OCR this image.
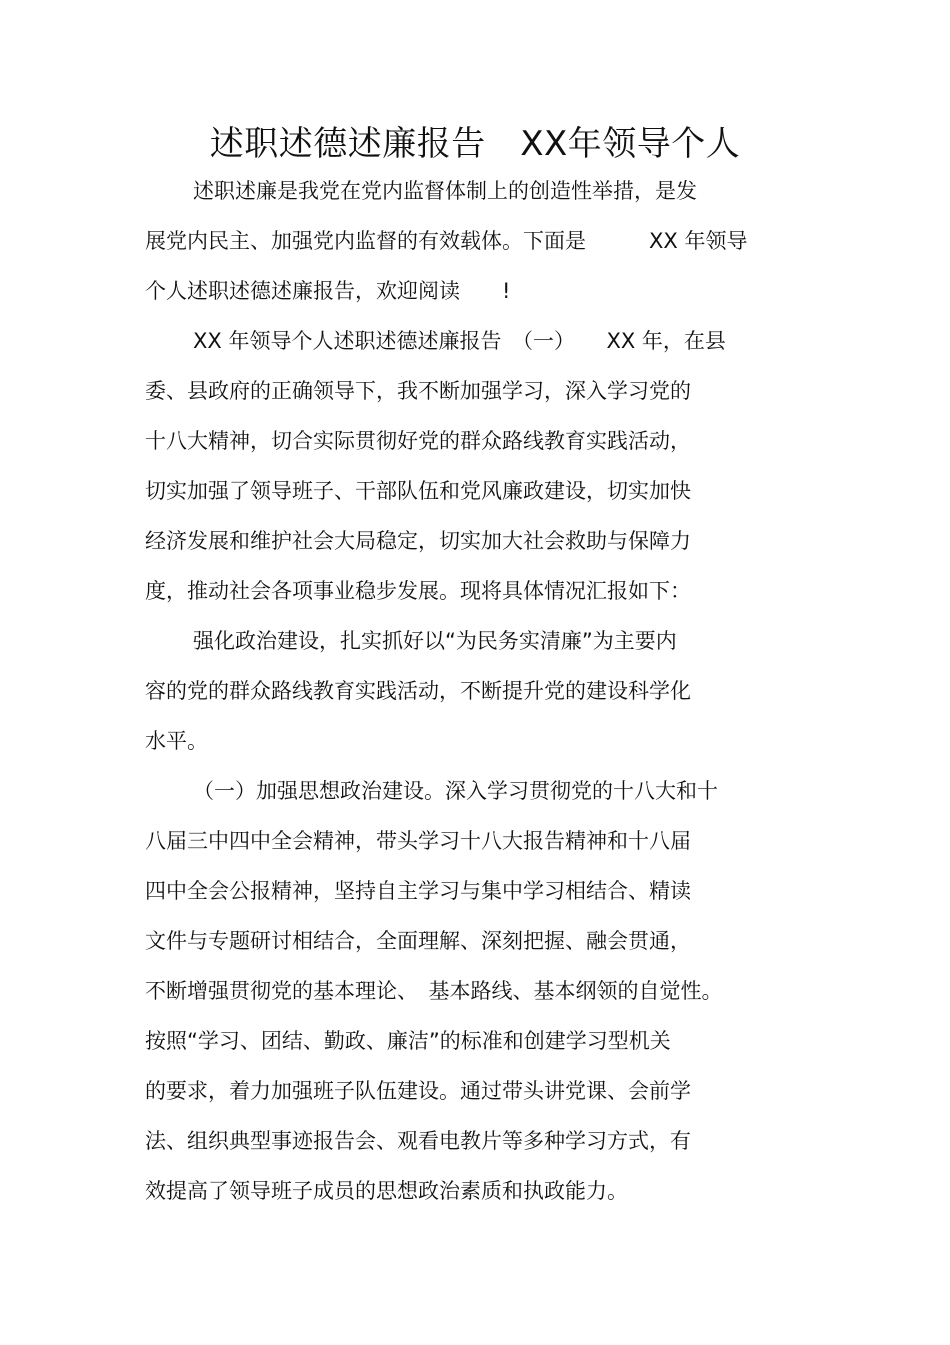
述职述德述廉报告　XX年领导个人
述职述廉是我党在党内监督体制上的创造性举措，是发
展党内民主、加强党内监督的有效载体。下面是　　　XX 年领导
个人述职述德述廉报告，欢迎阅读　　!
XX 年领导个人述职述德述廉报告　（一）　　XX 年，在县
委、县政府的正确领导下，我不断加强学习，深入学习党的
十八大精神，切合实际贯彻好党的群众路线教育实践活动，
切实加强了领导班子、干部队伍和党风廉政建设，切实加快
经济发展和维护社会大局稳定，切实加大社会救助与保障力
度，推动社会各项事业稳步发展。现将具体情况汇报如下：
强化政治建设，扎实抓好以“为民务实清廉”为主要内
容的党的群众路线教育实践活动，不断提升党的建设科学化
水平。
（一）加强思想政治建设。深入学习贯彻党的十八大和十
八届三中四中全会精神，带头学习十八大报告精神和十八届
四中全会公报精神，坚持自主学习与集中学习相结合、精读
文件与专题研讨相结合，全面理解、深刻把握、融会贯通，
不断增强贯彻党的基本理论、　基本路线、基本纲领的自觉性。
按照“学习、团结、勤政、廉洁”的标准和创建学习型机关
的要求，着力加强班子队伍建设。通过带头讲党课、会前学
法、组织典型事迹报告会、观看电教片等多种学习方式，有
效提高了领导班子成员的思想政治素质和执政能力。
